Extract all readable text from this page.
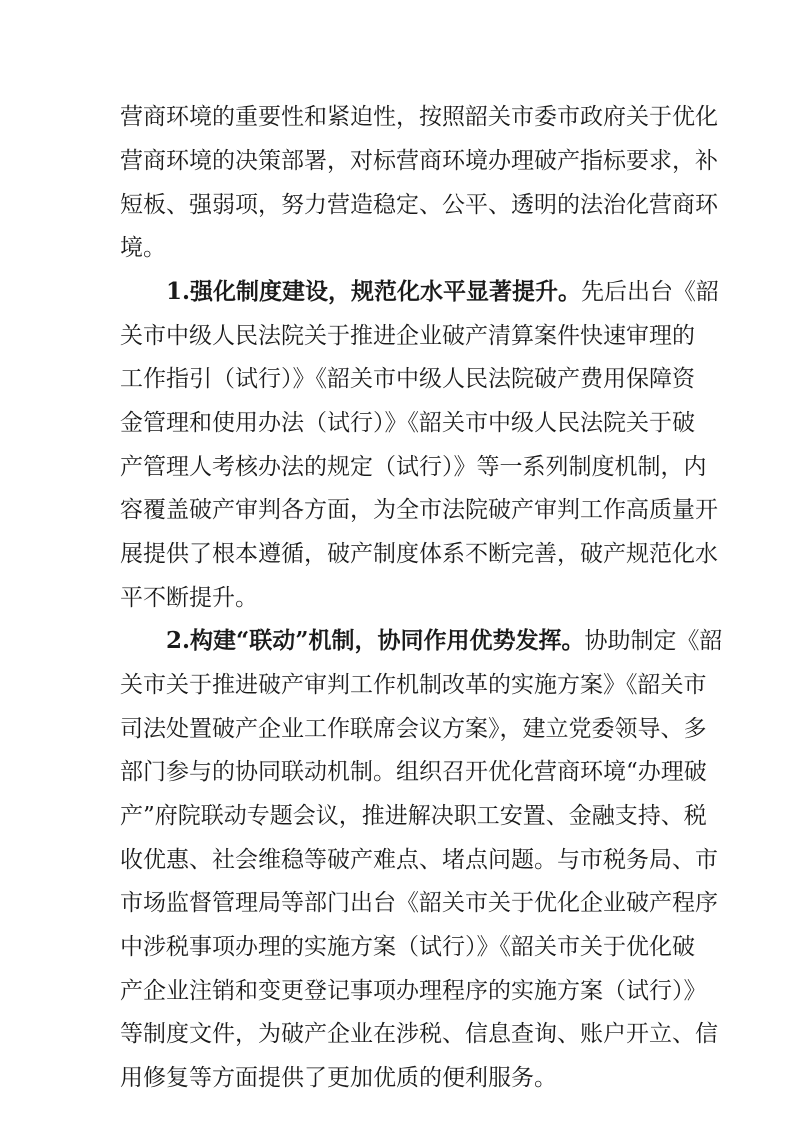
营商环境的重要性和紧迫性，按照韶关市委市政府关于优化
营商环境的决策部署，对标营商环境办理破产指标要求，补
短板、强弱项，努力营造稳定、公平、透明的法治化营商环
境。
1.强化制度建设，规范化水平显著提升。先后出台《韶
关市中级人民法院关于推进企业破产清算案件快速审理的
工作指引（试行）》《韶关市中级人民法院破产费用保障资
金管理和使用办法（试行）》《韶关市中级人民法院关于破
产管理人考核办法的规定（试行）》等一系列制度机制，内
容覆盖破产审判各方面，为全市法院破产审判工作高质量开
展提供了根本遵循，破产制度体系不断完善，破产规范化水
平不断提升。
2.构建“联动”机制，协同作用优势发挥。协助制定《韶
关市关于推进破产审判工作机制改革的实施方案》《韶关市
司法处置破产企业工作联席会议方案》，建立党委领导、多
部门参与的协同联动机制。组织召开优化营商环境“办理破
产”府院联动专题会议，推进解决职工安置、金融支持、税
收优惠、社会维稳等破产难点、堵点问题。与市税务局、市
市场监督管理局等部门出台《韶关市关于优化企业破产程序
中涉税事项办理的实施方案（试行）》《韶关市关于优化破
产企业注销和变更登记事项办理程序的实施方案（试行）》
等制度文件，为破产企业在涉税、信息查询、账户开立、信
用修复等方面提供了更加优质的便利服务。
